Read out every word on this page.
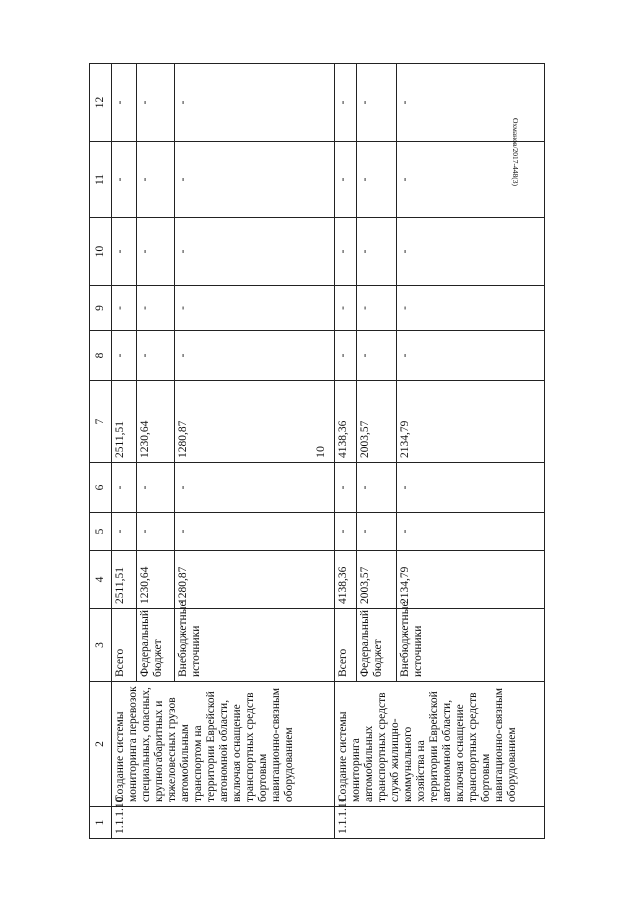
10
1	2	3	4	5	6	7	8	9	10	11	12
1.1.1.10	Создание системы мониторинга перевозок специальных, опасных, крупногабаритных и тяжеловесных грузов автомобильным транспортом на территории Еврейской автономной области, включая оснащение транспортных средств бортовым навигационно-связным оборудованием	Всего	2511,51	-	-	2511,51	-	-	-	-	-
		Федеральный бюджет	1230,64	-	-	1230,64	-	-	-	-	-
		Внебюджетные источники	1280,87	-	-	1280,87	-	-	-	-	-
1.1.1.11	Создание системы мониторинга автомобильных транспортных средств служб жилищно-коммунального хозяйства на территории Еврейской автономной области, включая оснащение транспортных средств бортовым навигационно-связным оборудованием	Всего	4138,36	-	-	4138,36	-	-	-	-	-
		Федеральный бюджет	2003,57	-	-	2003,57	-	-	-	-	-
		Внебюджетные источники	2134,79	-	-	2134,79	-	-	-	-	-
Охманов/2017-448(3)
